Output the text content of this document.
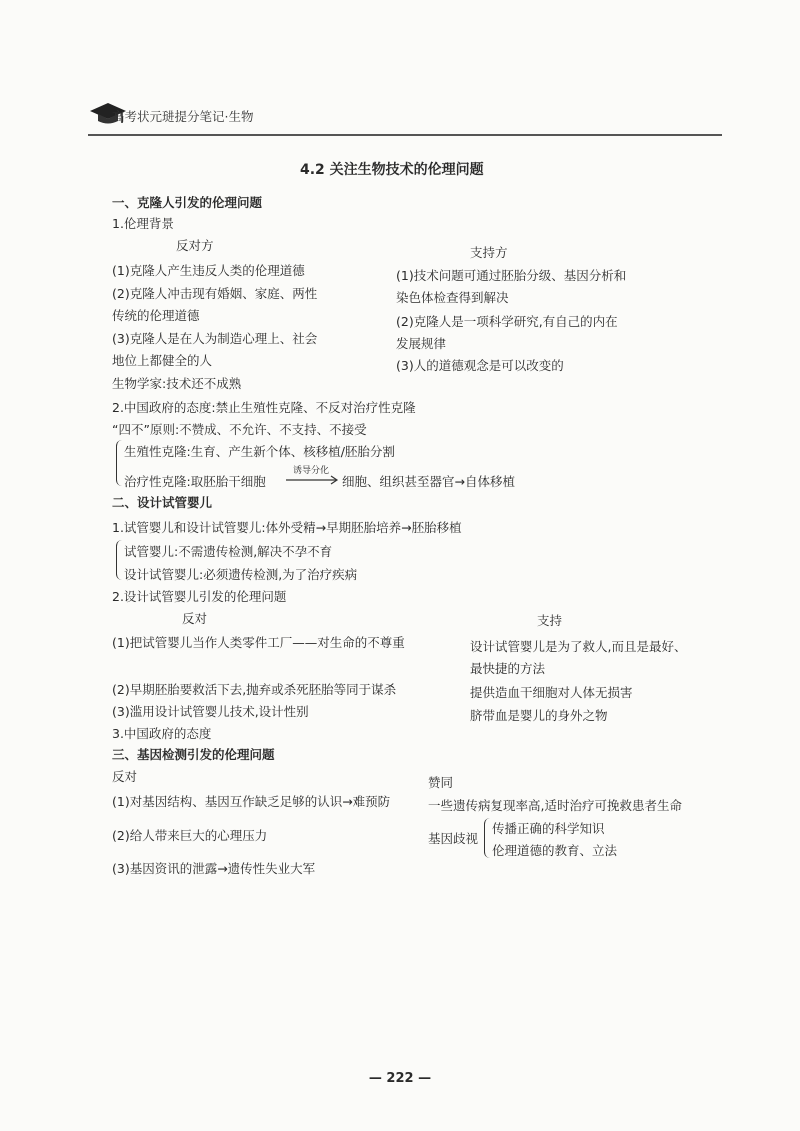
高考状元琎提分笔记·生物
4.2 关注生物技术的伦理问题
一、克隆人引发的伦理问题
1.伦理背景
反对方	支持方
(1)克隆人产生违反人类的伦理道德
(2)克隆人冲击现有婚姻、家庭、两性
传统的伦理道德
(3)克隆人是在人为制造心理上、社会
地位上都健全的人
生物学家:技术还不成熟
(1)技术问题可通过胚胎分级、基因分析和
染色体检查得到解决
(2)克隆人是一项科学研究,有自己的内在
发展规律
(3)人的道德观念是可以改变的
2.中国政府的态度:禁止生殖性克隆、不反对治疗性克隆
“四不”原则:不赞成、不允许、不支持、不接受
生殖性克隆:生育、产生新个体、核移植/胚胎分割
治疗性克隆:取胚胎干细胞
诱导分化
细胞、组织甚至器官→自体移植
二、设计试管婴儿
1.试管婴儿和设计试管婴儿:体外受精→早期胚胎培养→胚胎移植
试管婴儿:不需遗传检测,解决不孕不育
设计试管婴儿:必须遗传检测,为了治疗疾病
2.设计试管婴儿引发的伦理问题
反对	支持
(1)把试管婴儿当作人类零件工厂——对生命的不尊重
(2)早期胚胎要救活下去,抛弃或杀死胚胎等同于谋杀
(3)滥用设计试管婴儿技术,设计性别
3.中国政府的态度
设计试管婴儿是为了救人,而且是最好、
最快捷的方法
提供造血干细胞对人体无损害
脐带血是婴儿的身外之物
三、基因检测引发的伦理问题
反对	赞同
(1)对基因结构、基因互作缺乏足够的认识→难预防
(2)给人带来巨大的心理压力
(3)基因资讯的泄露→遗传性失业大军
一些遗传病复现率高,适时治疗可挽救患者生命
基因歧视
传播正确的科学知识
伦理道德的教育、立法
— 222 —
